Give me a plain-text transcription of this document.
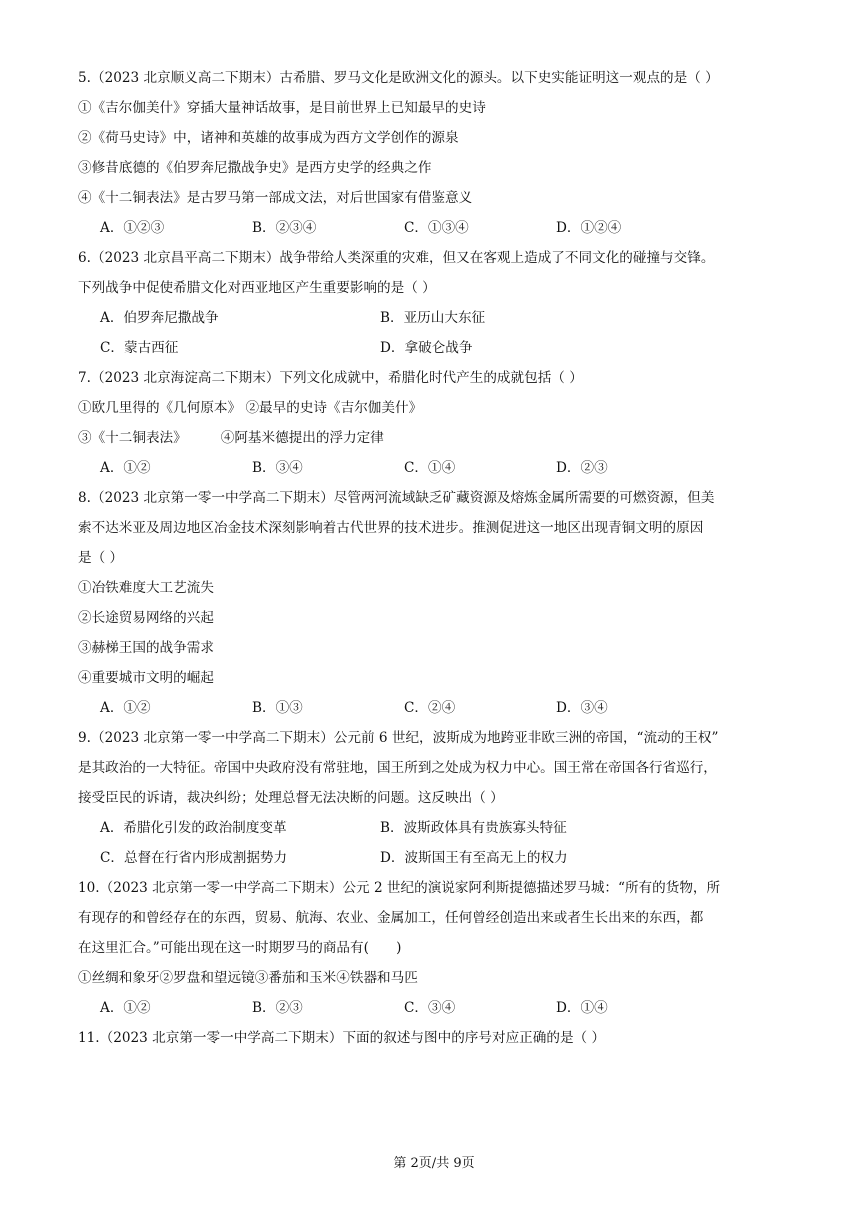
5.（2023 北京顺义高二下期末）古希腊、罗马文化是欧洲文化的源头。以下史实能证明这一观点的是（ ）
①《吉尔伽美什》穿插大量神话故事，是目前世界上已知最早的史诗
②《荷马史诗》中，诸神和英雄的故事成为西方文学创作的源泉
③修昔底德的《伯罗奔尼撒战争史》是西方史学的经典之作
④《十二铜表法》是古罗马第一部成文法，对后世国家有借鉴意义
A．①②③	B．②③④	C．①③④	D．①②④
6.（2023 北京昌平高二下期末）战争带给人类深重的灾难，但又在客观上造成了不同文化的碰撞与交锋。
下列战争中促使希腊文化对西亚地区产生重要影响的是（ ）
A．伯罗奔尼撒战争	B．亚历山大东征
C．蒙古西征	D．拿破仑战争
7.（2023 北京海淀高二下期末）下列文化成就中，希腊化时代产生的成就包括（ ）
①欧几里得的《几何原本》 ②最早的史诗《吉尔伽美什》
③《十二铜表法》　　　④阿基米德提出的浮力定律
A．①②	B．③④	C．①④	D．②③
8.（2023 北京第一零一中学高二下期末）尽管两河流域缺乏矿藏资源及熔炼金属所需要的可燃资源，但美
索不达米亚及周边地区冶金技术深刻影响着古代世界的技术进步。推测促进这一地区出现青铜文明的原因
是（ ）
①冶铁难度大工艺流失
②长途贸易网络的兴起
③赫梯王国的战争需求
④重要城市文明的崛起
A．①②	B．①③	C．②④	D．③④
9.（2023 北京第一零一中学高二下期末）公元前 6 世纪，波斯成为地跨亚非欧三洲的帝国，“流动的王权”
是其政治的一大特征。帝国中央政府没有常驻地，国王所到之处成为权力中心。国王常在帝国各行省巡行，
接受臣民的诉请，裁决纠纷；处理总督无法决断的问题。这反映出（ ）
A．希腊化引发的政治制度变革	B．波斯政体具有贵族寡头特征
C．总督在行省内形成割据势力	D．波斯国王有至高无上的权力
10.（2023 北京第一零一中学高二下期末）公元 2 世纪的演说家阿利斯提德描述罗马城：“所有的货物，所
有现存的和曾经存在的东西，贸易、航海、农业、金属加工，任何曾经创造出来或者生长出来的东西，都
在这里汇合。”可能出现在这一时期罗马的商品有(　　)
①丝绸和象牙②罗盘和望远镜③番茄和玉米④铁器和马匹
A．①②	B．②③	C．③④	D．①④
11.（2023 北京第一零一中学高二下期末）下面的叙述与图中的序号对应正确的是（ ）
第 2页/共 9页
